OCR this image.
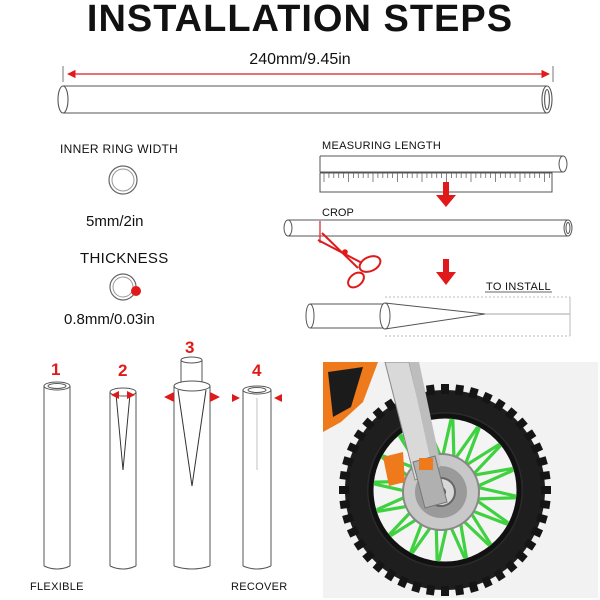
INSTALLATION STEPS
240mm/9.45in
INNER RING WIDTH
5mm/2in
THICKNESS
0.8mm/0.03in
MEASURING LENGTH
CROP
TO INSTALL
1	2
3
4
FLEXIBLE	RECOVER
